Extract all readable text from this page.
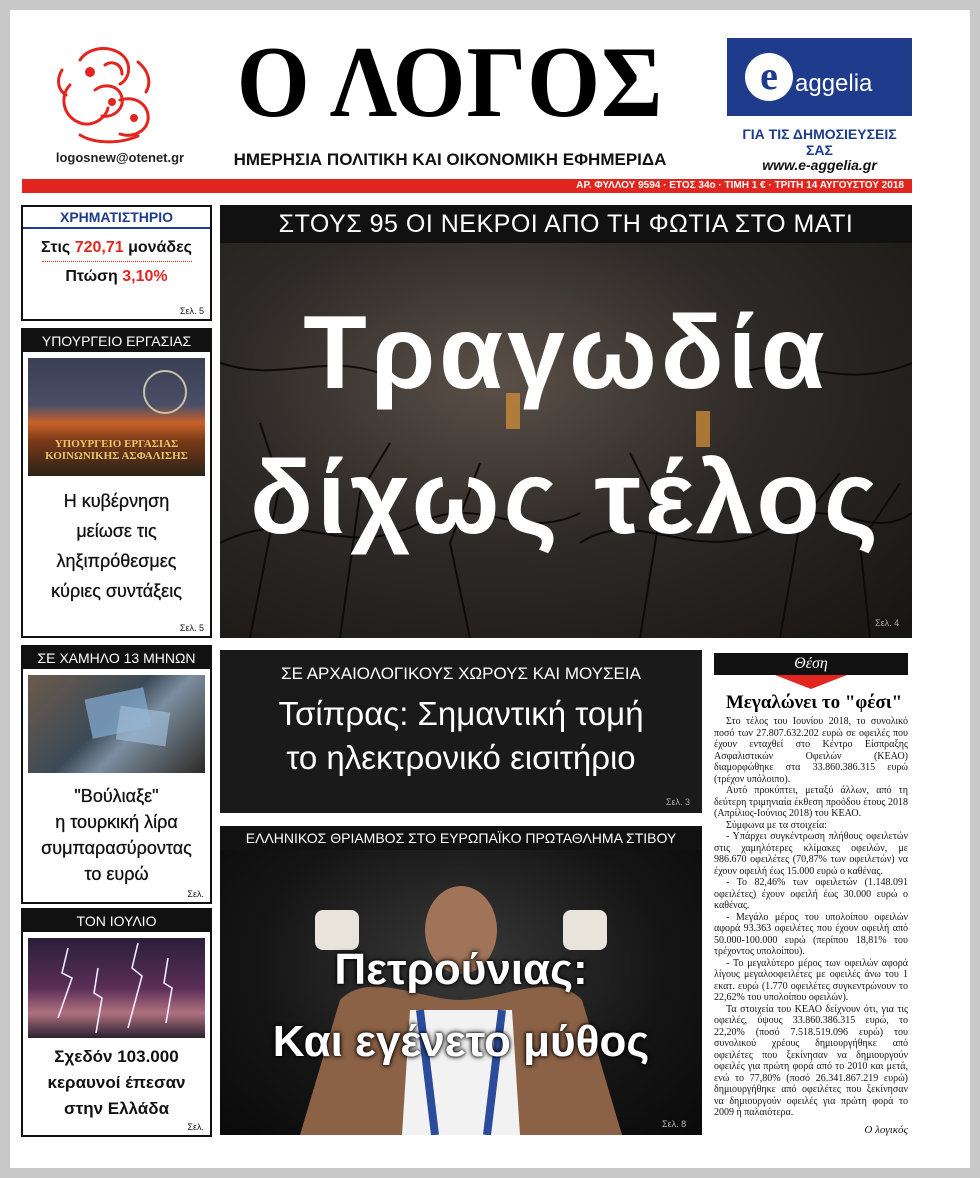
logosnew@otenet.gr
Ο ΛΟΓΟΣ
ΗΜΕΡΗΣΙΑ ΠΟΛΙΤΙΚΗ ΚΑΙ ΟΙΚΟΝΟΜΙΚΗ ΕΦΗΜΕΡΙΔΑ
e aggelia
ΓΙΑ ΤΙΣ ΔΗΜΟΣΙΕΥΣΕΙΣ ΣΑΣ
www.e-aggelia.gr
ΑΡ. ΦΥΛΛΟΥ 9594 · ΕΤΟΣ 34ο · ΤΙΜΗ 1 € · ΤΡΙΤΗ 14 ΑΥΓΟΥΣΤΟΥ 2018
ΧΡΗΜΑΤΙΣΤΗΡΙΟ
Στις 720,71 μονάδες
Πτώση 3,10%
Σελ. 5
ΥΠΟΥΡΓΕΙΟ ΕΡΓΑΣΙΑΣ
ΥΠΟΥΡΓΕΙΟ ΕΡΓΑΣΙΑΣ
ΚΟΙΝΩΝΙΚΗΣ ΑΣΦΑΛΙΣΗΣ
Η κυβέρνηση
μείωσε τις
ληξιπρόθεσμες
κύριες συντάξεις
Σελ. 5
ΣΕ ΧΑΜΗΛΟ 13 ΜΗΝΩΝ
"Βούλιαξε"
η τουρκική λίρα
συμπαρασύροντας
το ευρώ
Σελ.
ΤΟΝ ΙΟΥΛΙΟ
Σχεδόν 103.000
κεραυνοί έπεσαν
στην Ελλάδα
Σελ.
ΣΤΟΥΣ 95 ΟΙ ΝΕΚΡΟΙ ΑΠΟ ΤΗ ΦΩΤΙΑ ΣΤΟ ΜΑΤΙ
Τραγωδία
δίχως τέλος
Σελ. 4
ΣΕ ΑΡΧΑΙΟΛΟΓΙΚΟΥΣ ΧΩΡΟΥΣ ΚΑΙ ΜΟΥΣΕΙΑ
Τσίπρας: Σημαντική τομή
το ηλεκτρονικό εισιτήριο
Σελ. 3
ΕΛΛΗΝΙΚΟΣ ΘΡΙΑΜΒΟΣ ΣΤΟ ΕΥΡΩΠΑΪΚΟ ΠΡΩΤΑΘΛΗΜΑ ΣΤΙΒΟΥ
Πετρούνιας:
Και εγένετο μύθος
Σελ. 8
Θέση
Μεγαλώνει το "φέσι"

Στο τέλος του Ιουνίου 2018, το συνολικό ποσό των 27.807.632.202 ευρώ σε οφειλές που έχουν ενταχθεί στο Κέντρο Είσπραξης Ασφαλιστικών Οφειλών (ΚΕΑΟ) διαμορφώθηκε στα 33.860.386.315 ευρώ (τρέχον υπόλοιπο).

Αυτό προκύπτει, μεταξύ άλλων, από τη δεύτερη τριμηνιαία έκθεση προόδου έτους 2018 (Απρίλιος-Ιούνιος 2018) του ΚΕΑΟ.

Σύμφωνα με τα στοιχεία:

- Υπάρχει συγκέντρωση πλήθους οφειλετών στις χαμηλότερες κλίμακες οφειλών, με 986.670 οφειλέτες (70,87% των οφειλετών) να έχουν οφειλή έως 15.000 ευρώ ο καθένας.

- Το 82,46% των οφειλετών (1.148.091 οφειλέτες) έχουν οφειλή έως 30.000 ευρώ ο καθένας.

- Μεγάλο μέρος του υπολοίπου οφειλών αφορά 93.363 οφειλέτες που έχουν οφειλή από 50.000-100.000 ευρώ (περίπου 18,81% του τρέχοντος υπολοίπου).

- Το μεγαλύτερο μέρος των οφειλών αφορά λίγους μεγαλοοφειλέτες με οφειλές άνω του 1 εκατ. ευρώ (1.770 οφειλέτες συγκεντρώνουν το 22,62% του υπολοίπου οφειλών).

Τα στοιχεία του ΚΕΑΟ δείχνουν ότι, για τις οφειλές, ύψους 33.860.386.315 ευρώ, το 22,20% (ποσό 7.518.519.096 ευρώ) του συνολικού χρέους δημιουργήθηκε από οφειλέτες που ξεκίνησαν να δημιουργούν οφειλές για πρώτη φορά από το 2010 και μετά, ενώ το 77,80% (ποσό 26.341.867.219 ευρώ) δημιουργήθηκε από οφειλέτες που ξεκίνησαν να δημιουργούν οφειλές για πρώτη φορά το 2009 ή παλαιότερα.

Ο λογικός
